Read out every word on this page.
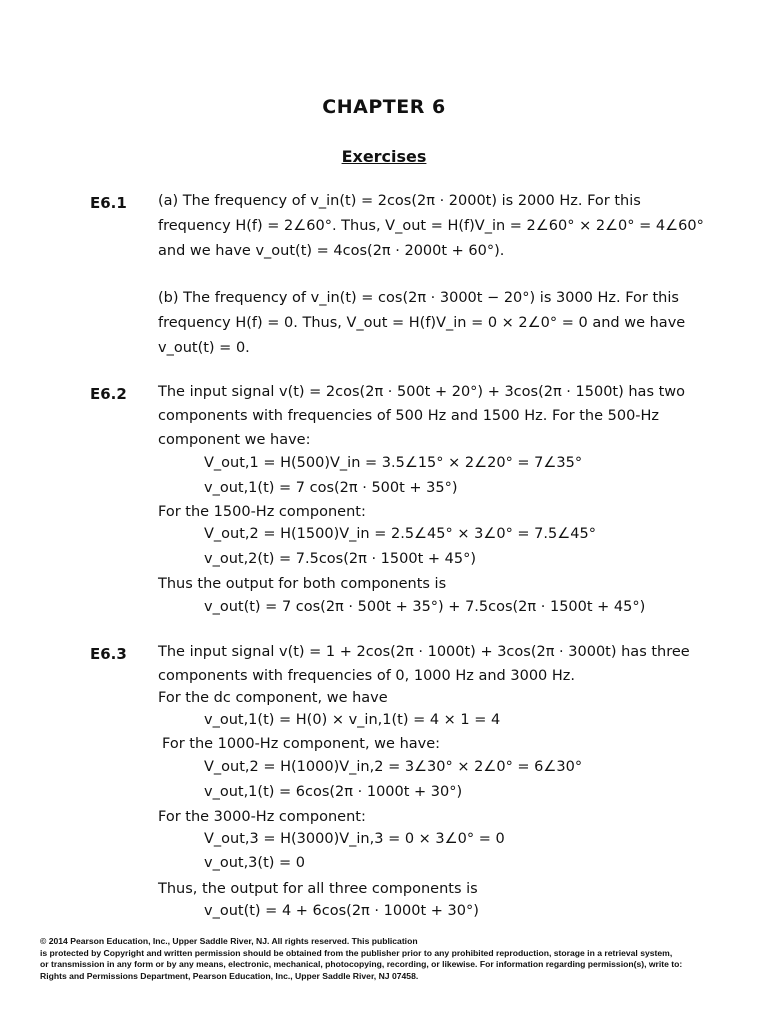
CHAPTER 6
Exercises
E6.1 (a) The frequency of v_in(t) = 2cos(2π · 2000t) is 2000 Hz. For this
frequency H(f) = 2∠60°. Thus, V_out = H(f)V_in = 2∠60° × 2∠0° = 4∠60°
and we have v_out(t) = 4cos(2π · 2000t + 60°).
(b) The frequency of v_in(t) = cos(2π · 3000t − 20°) is 3000 Hz. For this
frequency H(f) = 0. Thus, V_out = H(f)V_in = 0 × 2∠0° = 0 and we have
v_out(t) = 0.
E6.2 The input signal v(t) = 2cos(2π · 500t + 20°) + 3cos(2π · 1500t) has two
components with frequencies of 500 Hz and 1500 Hz. For the 500-Hz
component we have:
V_out,1 = H(500)V_in = 3.5∠15° × 2∠20° = 7∠35°
v_out,1(t) = 7 cos(2π · 500t + 35°)
For the 1500-Hz component:
V_out,2 = H(1500)V_in = 2.5∠45° × 3∠0° = 7.5∠45°
v_out,2(t) = 7.5cos(2π · 1500t + 45°)
Thus the output for both components is
v_out(t) = 7 cos(2π · 500t + 35°) + 7.5cos(2π · 1500t + 45°)
E6.3 The input signal v(t) = 1 + 2cos(2π · 1000t) + 3cos(2π · 3000t) has three
components with frequencies of 0, 1000 Hz and 3000 Hz.
For the dc component, we have
v_out,1(t) = H(0) × v_in,1(t) = 4 × 1 = 4
For the 1000-Hz component, we have:
V_out,2 = H(1000)V_in,2 = 3∠30° × 2∠0° = 6∠30°
v_out,1(t) = 6cos(2π · 1000t + 30°)
For the 3000-Hz component:
V_out,3 = H(3000)V_in,3 = 0 × 3∠0° = 0
v_out,3(t) = 0
Thus, the output for all three components is
v_out(t) = 4 + 6cos(2π · 1000t + 30°)
© 2014 Pearson Education, Inc., Upper Saddle River, NJ. All rights reserved. This publication
is protected by Copyright and written permission should be obtained from the publisher prior to any prohibited reproduction, storage in a retrieval system,
or transmission in any form or by any means, electronic, mechanical, photocopying, recording, or likewise. For information regarding permission(s), write to:
Rights and Permissions Department, Pearson Education, Inc., Upper Saddle River, NJ 07458.
